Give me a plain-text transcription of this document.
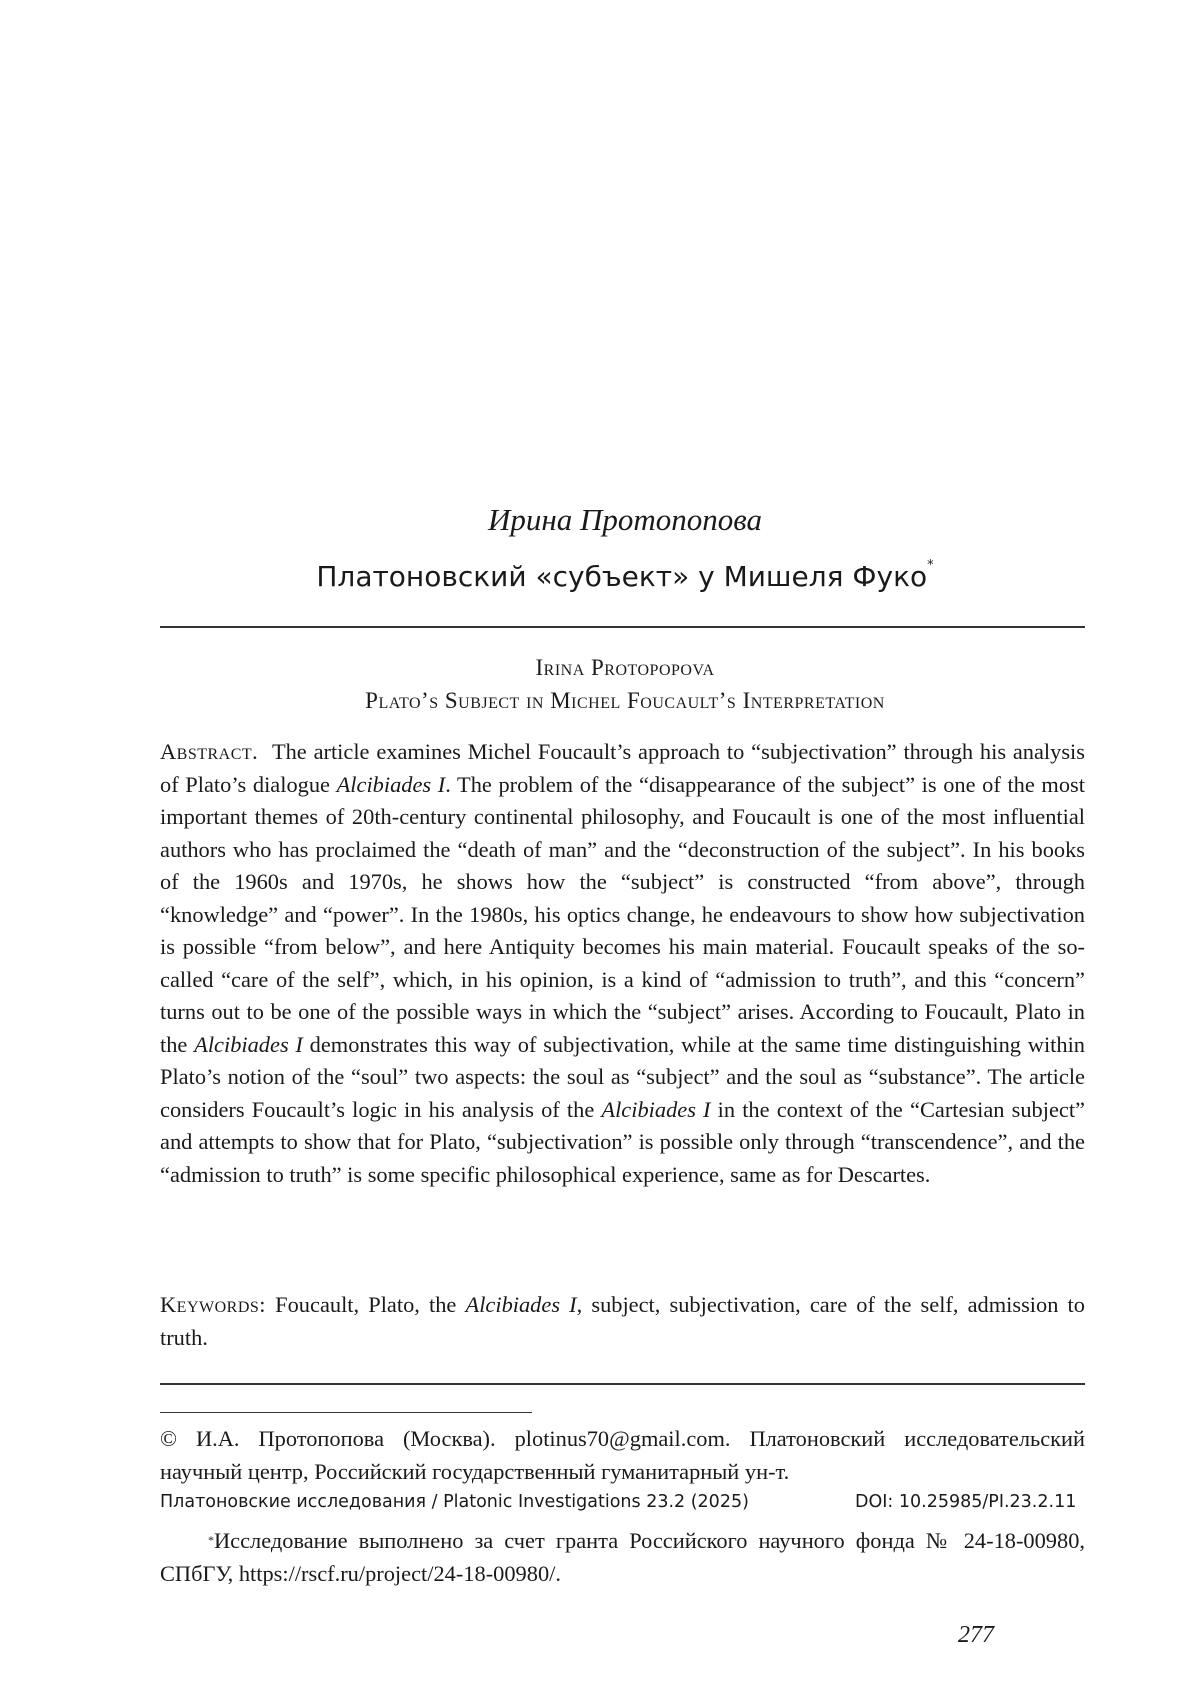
Ирина Протопопова
Платоновский «субъект» у Мишеля Фуко*
Irina Protopopova
Plato’s Subject in Michel Foucault’s Interpretation
Abstract. The article examines Michel Foucault’s approach to “subjectivation” through his analysis of Plato’s dialogue Alcibiades I. The problem of the “disappearance of the subject” is one of the most important themes of 20th-century continental philosophy, and Foucault is one of the most influential authors who has proclaimed the “death of man” and the “deconstruction of the subject”. In his books of the 1960s and 1970s, he shows how the “subject” is constructed “from above”, through “knowledge” and “power”. In the 1980s, his optics change, he endeavours to show how subjectivation is possible “from below”, and here Antiquity becomes his main material. Foucault speaks of the so-called “care of the self”, which, in his opinion, is a kind of “admission to truth”, and this “concern” turns out to be one of the possible ways in which the “subject” arises. According to Foucault, Plato in the Alcibiades I demonstrates this way of subjectivation, while at the same time distinguishing within Plato’s notion of the “soul” two aspects: the soul as “subject” and the soul as “substance”. The article considers Foucault’s logic in his analysis of the Alcibiades I in the context of the “Cartesian subject” and attempts to show that for Plato, “subjectivation” is possible only through “transcendence”, and the “admission to truth” is some specific philosophical experience, same as for Descartes.
Keywords: Foucault, Plato, the Alcibiades I, subject, subjectivation, care of the self, admission to truth.
© И.А. Протопопова (Москва). plotinus70@gmail.com. Платоновский исследовательский научный центр, Российский государственный гуманитарный ун-т.
Платоновские исследования / Platonic Investigations 23.2 (2025)	DOI: 10.25985/PI.23.2.11
*Исследование выполнено за счет гранта Российского научного фонда № 24-18-00980, СПбГУ, https://rscf.ru/project/24-18-00980/.
277
